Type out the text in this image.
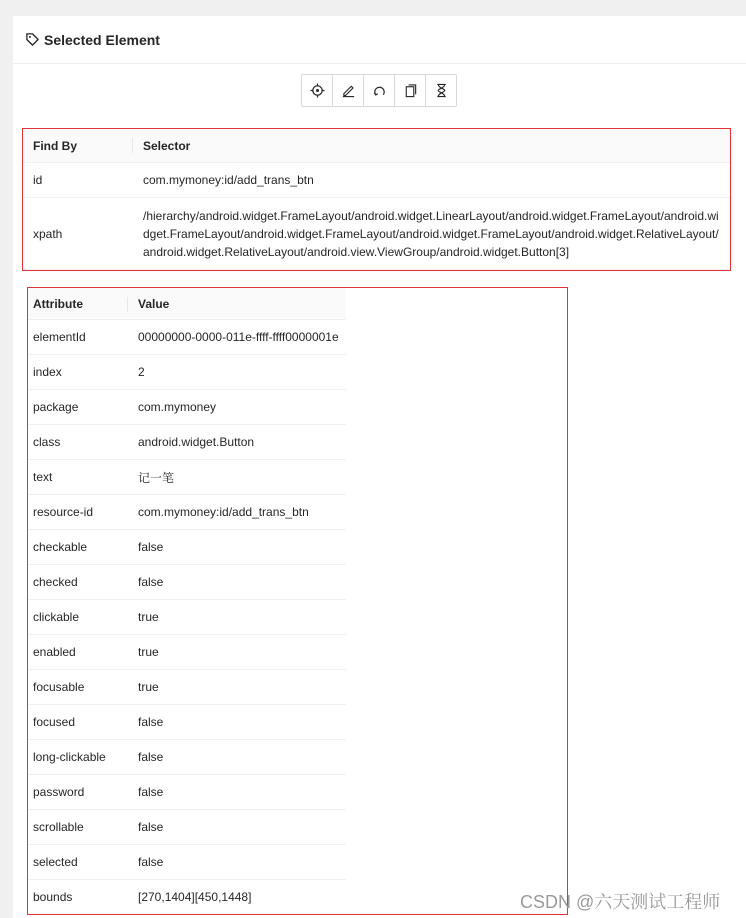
Selected Element
Find By	Selector
id	com.mymoney:id/add_trans_btn
xpath	/hierarchy/android.widget.FrameLayout/android.widget.LinearLayout/android.widget.FrameLayout/android.widget.FrameLayout/android.widget.FrameLayout/android.widget.FrameLayout/android.widget.RelativeLayout/android.widget.RelativeLayout/android.view.ViewGroup/android.widget.Button[3]
Attribute	Value
elementId	00000000-0000-011e-ffff-ffff0000001e
index	2
package	com.mymoney
class	android.widget.Button
text	记一笔
resource-id	com.mymoney:id/add_trans_btn
checkable	false
checked	false
clickable	true
enabled	true
focusable	true
focused	false
long-clickable	false
password	false
scrollable	false
selected	false
bounds	[270,1404][450,1448]	CSDN @六天测试工程师
